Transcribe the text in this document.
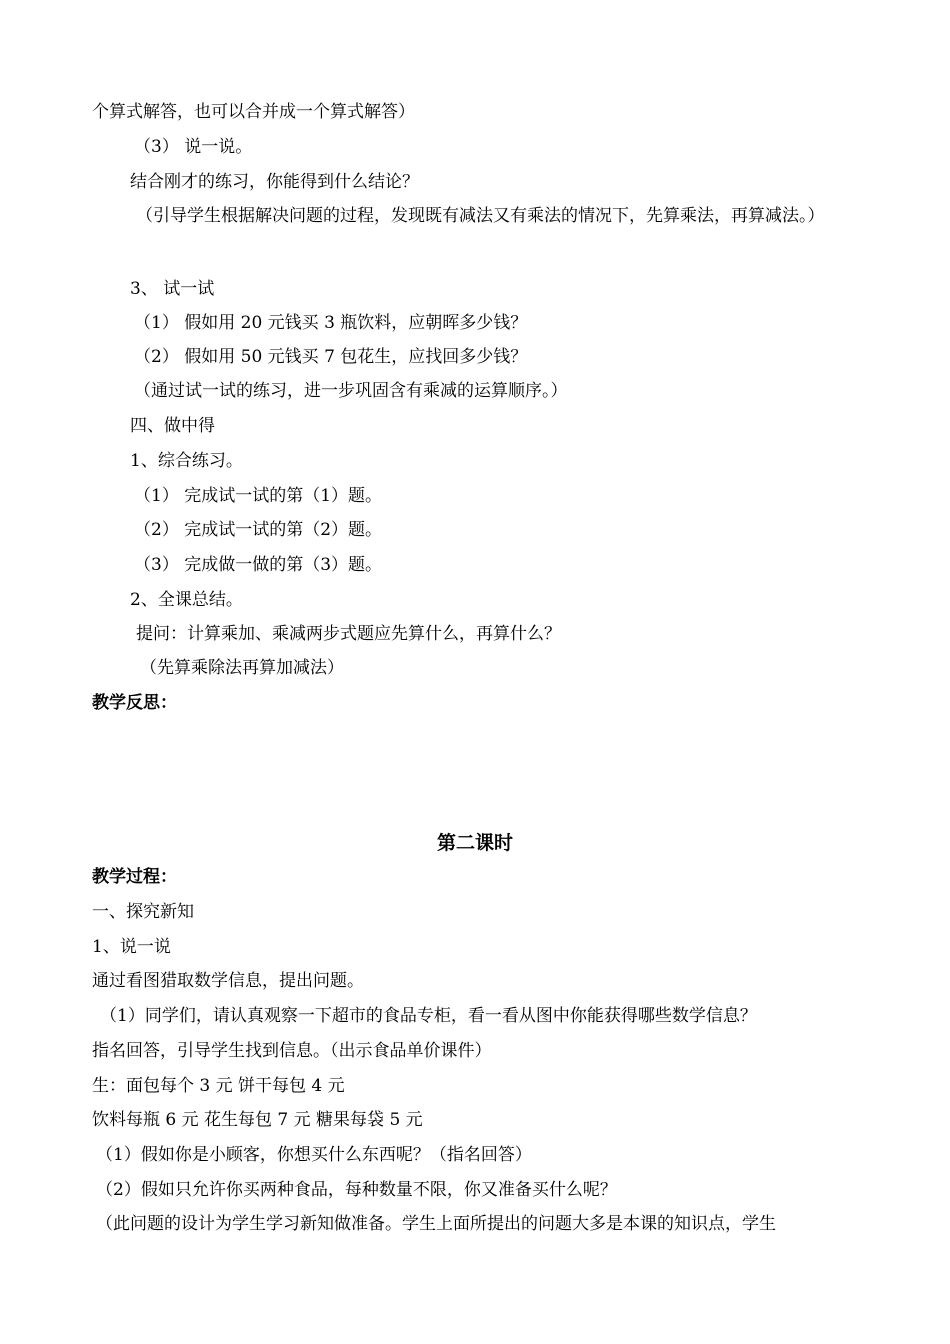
个算式解答，也可以合并成一个算式解答）
（3） 说一说。
结合刚才的练习，你能得到什么结论？
（引导学生根据解决问题的过程，发现既有减法又有乘法的情况下，先算乘法，再算减法。）
3、 试一试
（1） 假如用 20 元钱买 3 瓶饮料，应朝晖多少钱？
（2） 假如用 50 元钱买 7 包花生，应找回多少钱？
（通过试一试的练习，进一步巩固含有乘减的运算顺序。）
四、做中得
1、综合练习。
（1） 完成试一试的第（1）题。
（2） 完成试一试的第（2）题。
（3） 完成做一做的第（3）题。
2、全课总结。
提问：计算乘加、乘减两步式题应先算什么，再算什么？
（先算乘除法再算加减法）
教学反思：
第二课时
教学过程：
一、探究新知
1、说一说
通过看图猎取数学信息，提出问题。
（1）同学们，请认真观察一下超市的食品专柜，看一看从图中你能获得哪些数学信息？
指名回答，引导学生找到信息。（出示食品单价课件）
生：面包每个 3 元 饼干每包 4 元
饮料每瓶 6 元 花生每包 7 元 糖果每袋 5 元
（1）假如你是小顾客，你想买什么东西呢？（指名回答）
（2）假如只允许你买两种食品，每种数量不限，你又准备买什么呢？
（此问题的设计为学生学习新知做准备。学生上面所提出的问题大多是本课的知识点，学生
